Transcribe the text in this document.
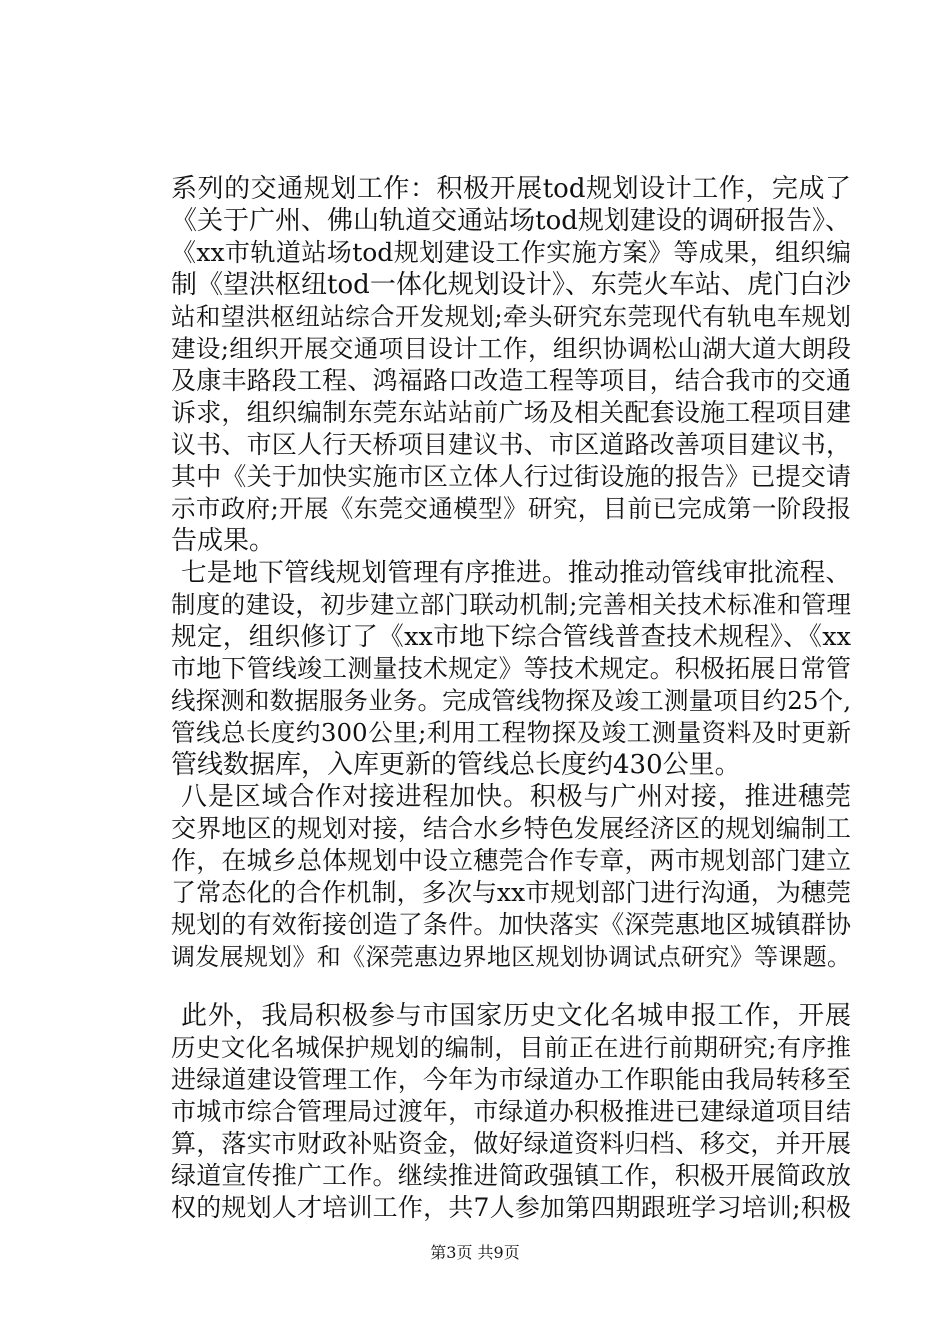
系列的交通规划工作：积极开展tod规划设计工作，完成了
《关于广州、佛山轨道交通站场tod规划建设的调研报告》、
《xx市轨道站场tod规划建设工作实施方案》等成果，组织编
制《望洪枢纽tod一体化规划设计》、东莞火车站、虎门白沙
站和望洪枢纽站综合开发规划;牵头研究东莞现代有轨电车规划
建设;组织开展交通项目设计工作，组织协调松山湖大道大朗段
及康丰路段工程、鸿福路口改造工程等项目，结合我市的交通
诉求，组织编制东莞东站站前广场及相关配套设施工程项目建
议书、市区人行天桥项目建议书、市区道路改善项目建议书，
其中《关于加快实施市区立体人行过街设施的报告》已提交请
示市政府;开展《东莞交通模型》研究，目前已完成第一阶段报
告成果。
七是地下管线规划管理有序推进。推动推动管线审批流程、
制度的建设，初步建立部门联动机制;完善相关技术标准和管理
规定，组织修订了《xx市地下综合管线普查技术规程》、《xx
市地下管线竣工测量技术规定》等技术规定。积极拓展日常管
线探测和数据服务业务。完成管线物探及竣工测量项目约25个,
管线总长度约300公里;利用工程物探及竣工测量资料及时更新
管线数据库，入库更新的管线总长度约430公里。
八是区域合作对接进程加快。积极与广州对接，推进穗莞
交界地区的规划对接，结合水乡特色发展经济区的规划编制工
作，在城乡总体规划中设立穗莞合作专章，两市规划部门建立
了常态化的合作机制，多次与xx市规划部门进行沟通，为穗莞
规划的有效衔接创造了条件。加快落实《深莞惠地区城镇群协
调发展规划》和《深莞惠边界地区规划协调试点研究》等课题。
此外，我局积极参与市国家历史文化名城申报工作，开展
历史文化名城保护规划的编制，目前正在进行前期研究;有序推
进绿道建设管理工作，今年为市绿道办工作职能由我局转移至
市城市综合管理局过渡年，市绿道办积极推进已建绿道项目结
算，落实市财政补贴资金，做好绿道资料归档、移交，并开展
绿道宣传推广工作。继续推进简政强镇工作，积极开展简政放
权的规划人才培训工作，共7人参加第四期跟班学习培训;积极
第3页 共9页
